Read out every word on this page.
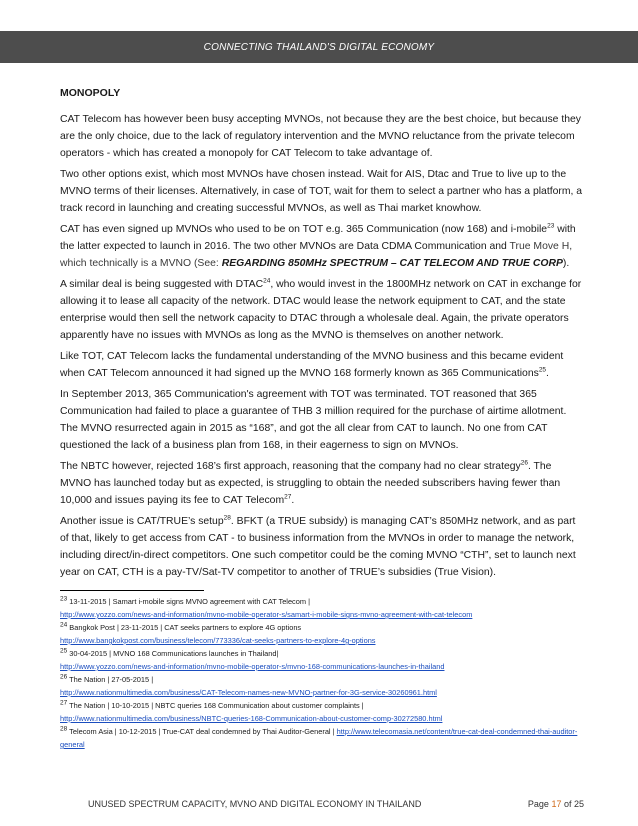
CONNECTING THAILAND'S DIGITAL ECONOMY
MONOPOLY

CAT Telecom has however been busy accepting MVNOs, not because they are the best choice, but because they are the only choice, due to the lack of regulatory intervention and the MVNO reluctance from the private telecom operators - which has created a monopoly for CAT Telecom to take advantage of.

Two other options exist, which most MVNOs have chosen instead. Wait for AIS, Dtac and True to live up to the MVNO terms of their licenses. Alternatively, in case of TOT, wait for them to select a partner who has a platform, a track record in launching and creating successful MVNOs, as well as Thai market knowhow.

CAT has even signed up MVNOs who used to be on TOT e.g. 365 Communication (now 168) and i-mobile$^{23}$ with the latter expected to launch in 2016. The two other MVNOs are Data CDMA Communication and True Move H, which technically is a MVNO (See: REGARDING 850MHz SPECTRUM – CAT TELECOM AND TRUE CORP).

A similar deal is being suggested with DTAC$^{24}$, who would invest in the 1800MHz network on CAT in exchange for allowing it to lease all capacity of the network. DTAC would lease the network equipment to CAT, and the state enterprise would then sell the network capacity to DTAC through a wholesale deal. Again, the private operators apparently have no issues with MVNOs as long as the MVNO is themselves on another network.

Like TOT, CAT Telecom lacks the fundamental understanding of the MVNO business and this became evident when CAT Telecom announced it had signed up the MVNO 168 formerly known as 365 Communications$^{25}$.

In September 2013, 365 Communication's agreement with TOT was terminated. TOT reasoned that 365 Communication had failed to place a guarantee of THB 3 million required for the purchase of airtime allotment. The MVNO resurrected again in 2015 as “168”, and got the all clear from CAT to launch. No one from CAT questioned the lack of a business plan from 168, in their eagerness to sign on MVNOs.

The NBTC however, rejected 168’s first approach, reasoning that the company had no clear strategy$^{26}$. The MVNO has launched today but as expected, is struggling to obtain the needed subscribers having fewer than 10,000 and issues paying its fee to CAT Telecom$^{27}$.

Another issue is CAT/TRUE’s setup$^{28}$. BFKT (a TRUE subsidy) is managing CAT’s 850MHz network, and as part of that, likely to get access from CAT - to business information from the MVNOs in order to manage the network, including direct/in-direct competitors. One such competitor could be the coming MVNO “CTH”, set to launch next year on CAT, CTH is a pay-TV/Sat-TV competitor to another of TRUE’s subsidies (True Vision).

23 13-11-2015 | Samart i-mobile signs MVNO agreement with CAT Telecom |
http://www.yozzo.com/news-and-information/mvno-mobile-operator-s/samart-i-mobile-signs-mvno-agreement-with-cat-telecom
24 Bangkok Post | 23-11-2015 | CAT seeks partners to explore 4G options
http://www.bangkokpost.com/business/telecom/773336/cat-seeks-partners-to-explore-4g-options
25 30-04-2015 | MVNO 168 Communications launches in Thailand|
http://www.yozzo.com/news-and-information/mvno-mobile-operator-s/mvno-168-communications-launches-in-thailand
26 The Nation | 27-05-2015 |
http://www.nationmultimedia.com/business/CAT-Telecom-names-new-MVNO-partner-for-3G-service-30260961.html
27 The Nation | 10-10-2015 | NBTC queries 168 Communication about customer complaints |
http://www.nationmultimedia.com/business/NBTC-queries-168-Communication-about-customer-comp-30272580.html
28 Telecom Asia | 10-12-2015 | True-CAT deal condemned by Thai Auditor-General | http://www.telecomasia.net/content/true-cat-deal-condemned-thai-auditor-general
UNUSED SPECTRUM CAPACITY, MVNO AND DIGITAL ECONOMY IN THAILAND	Page 17 of 25
